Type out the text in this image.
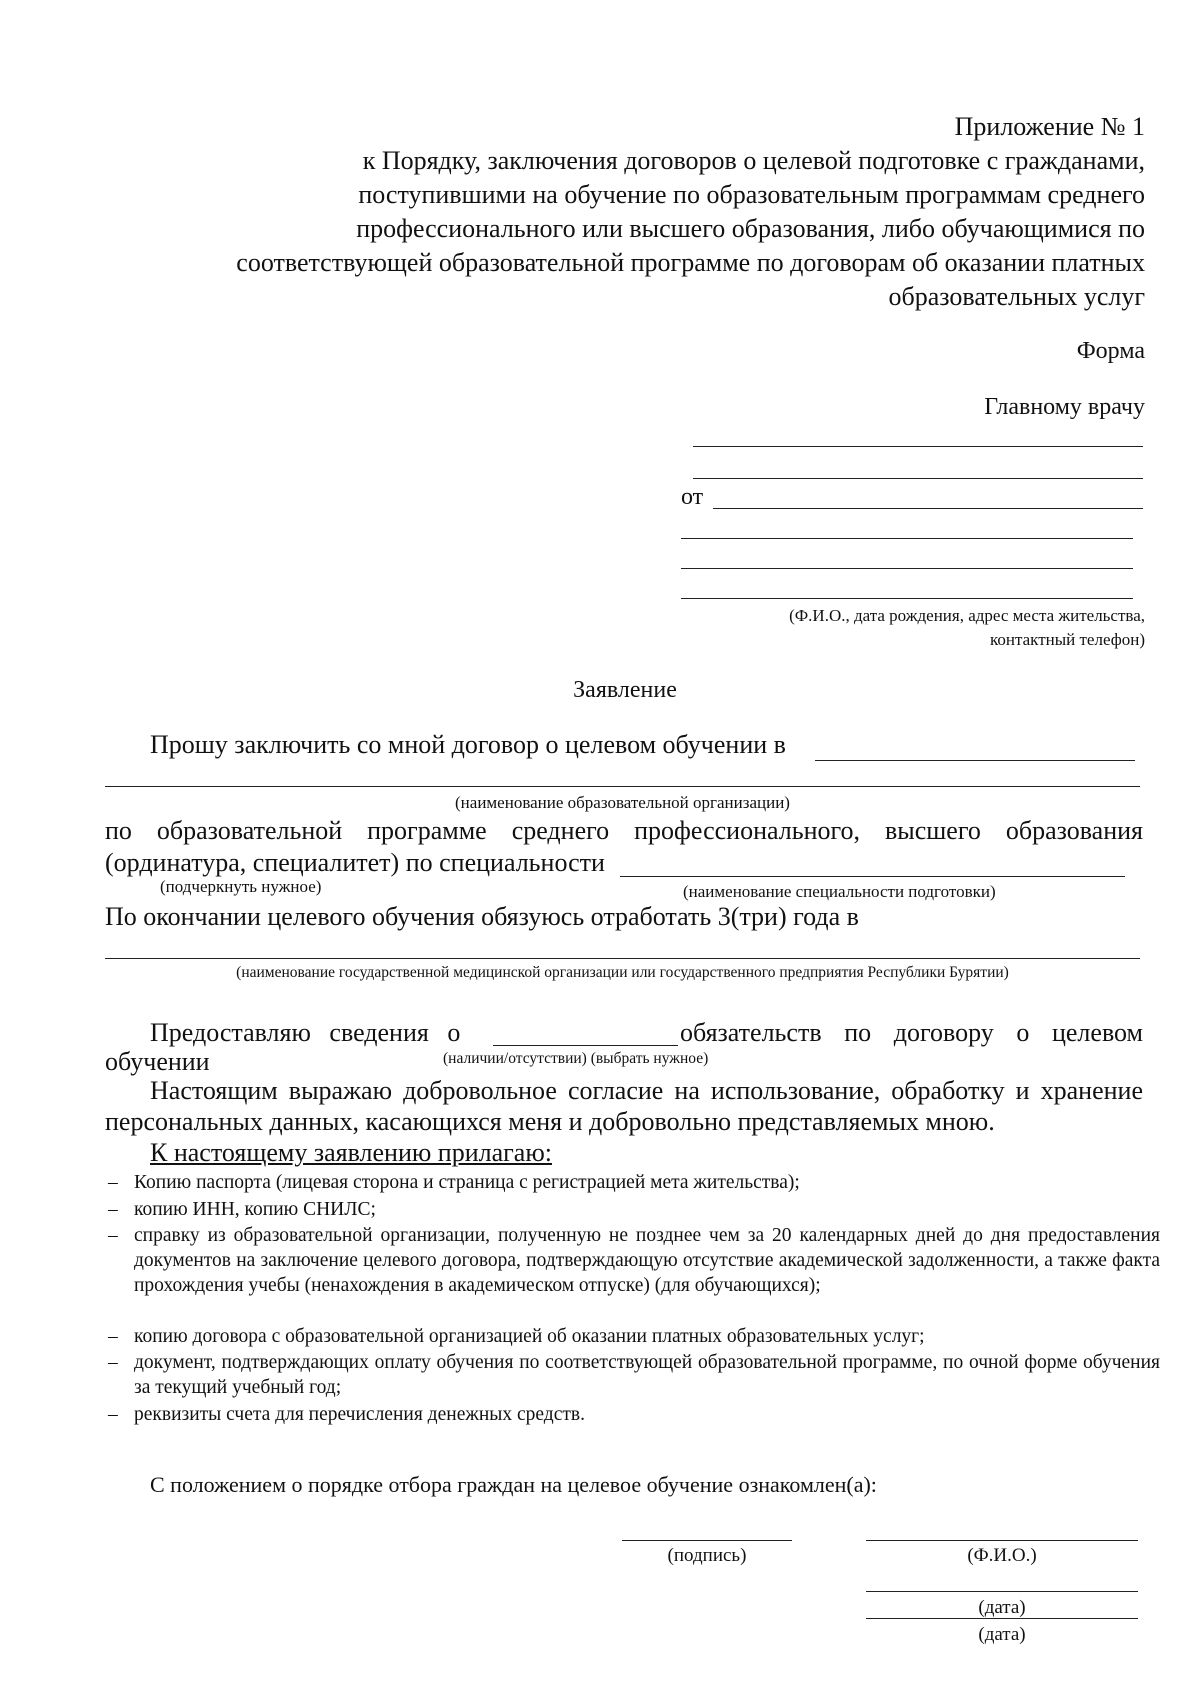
Приложение № 1
к Порядку, заключения договоров о целевой подготовке с гражданами,
поступившими на обучение по образовательным программам среднего
профессионального или высшего образования, либо обучающимися по
соответствующей образовательной программе по договорам об оказании платных
образовательных услуг
Форма
Главному врачу
от
(Ф.И.О., дата рождения, адрес места жительства,
контактный телефон)
Заявление
Прошу заключить со мной договор о целевом обучении в
(наименование образовательной организации)
по образовательной программе среднего профессионального, высшего образования
(ординатура, специалитет) по специальности
(подчеркнуть нужное)	(наименование специальности подготовки)
По окончании целевого обучения обязуюсь отработать 3(три) года в
(наименование государственной медицинской организации или государственного предприятия Республики Бурятии)
Предоставляю сведения о	обязательств по договору о целевом
обучении	(наличии/отсутствии) (выбрать нужное)
Настоящим выражаю добровольное согласие на использование, обработку и хранение
персональных данных, касающихся меня и добровольно представляемых мною.
К настоящему заявлению прилагаю:
– Копию паспорта (лицевая сторона и страница с регистрацией мета жительства);
– копию ИНН, копию СНИЛС;
– справку из образовательной организации, полученную не позднее чем за 20 календарных дней до дня предоставления документов на заключение целевого договора, подтверждающую отсутствие академической задолженности, а также факта прохождения учебы (ненахождения в академическом отпуске) (для обучающихся);
– копию договора с образовательной организацией об оказании платных образовательных услуг;
– документ, подтверждающих оплату обучения по соответствующей образовательной программе, по очной форме обучения за текущий учебный год;
– реквизиты счета для перечисления денежных средств.
С положением о порядке отбора граждан на целевое обучение ознакомлен(а):
(подпись)	(Ф.И.О.)
(дата)
(дата)
